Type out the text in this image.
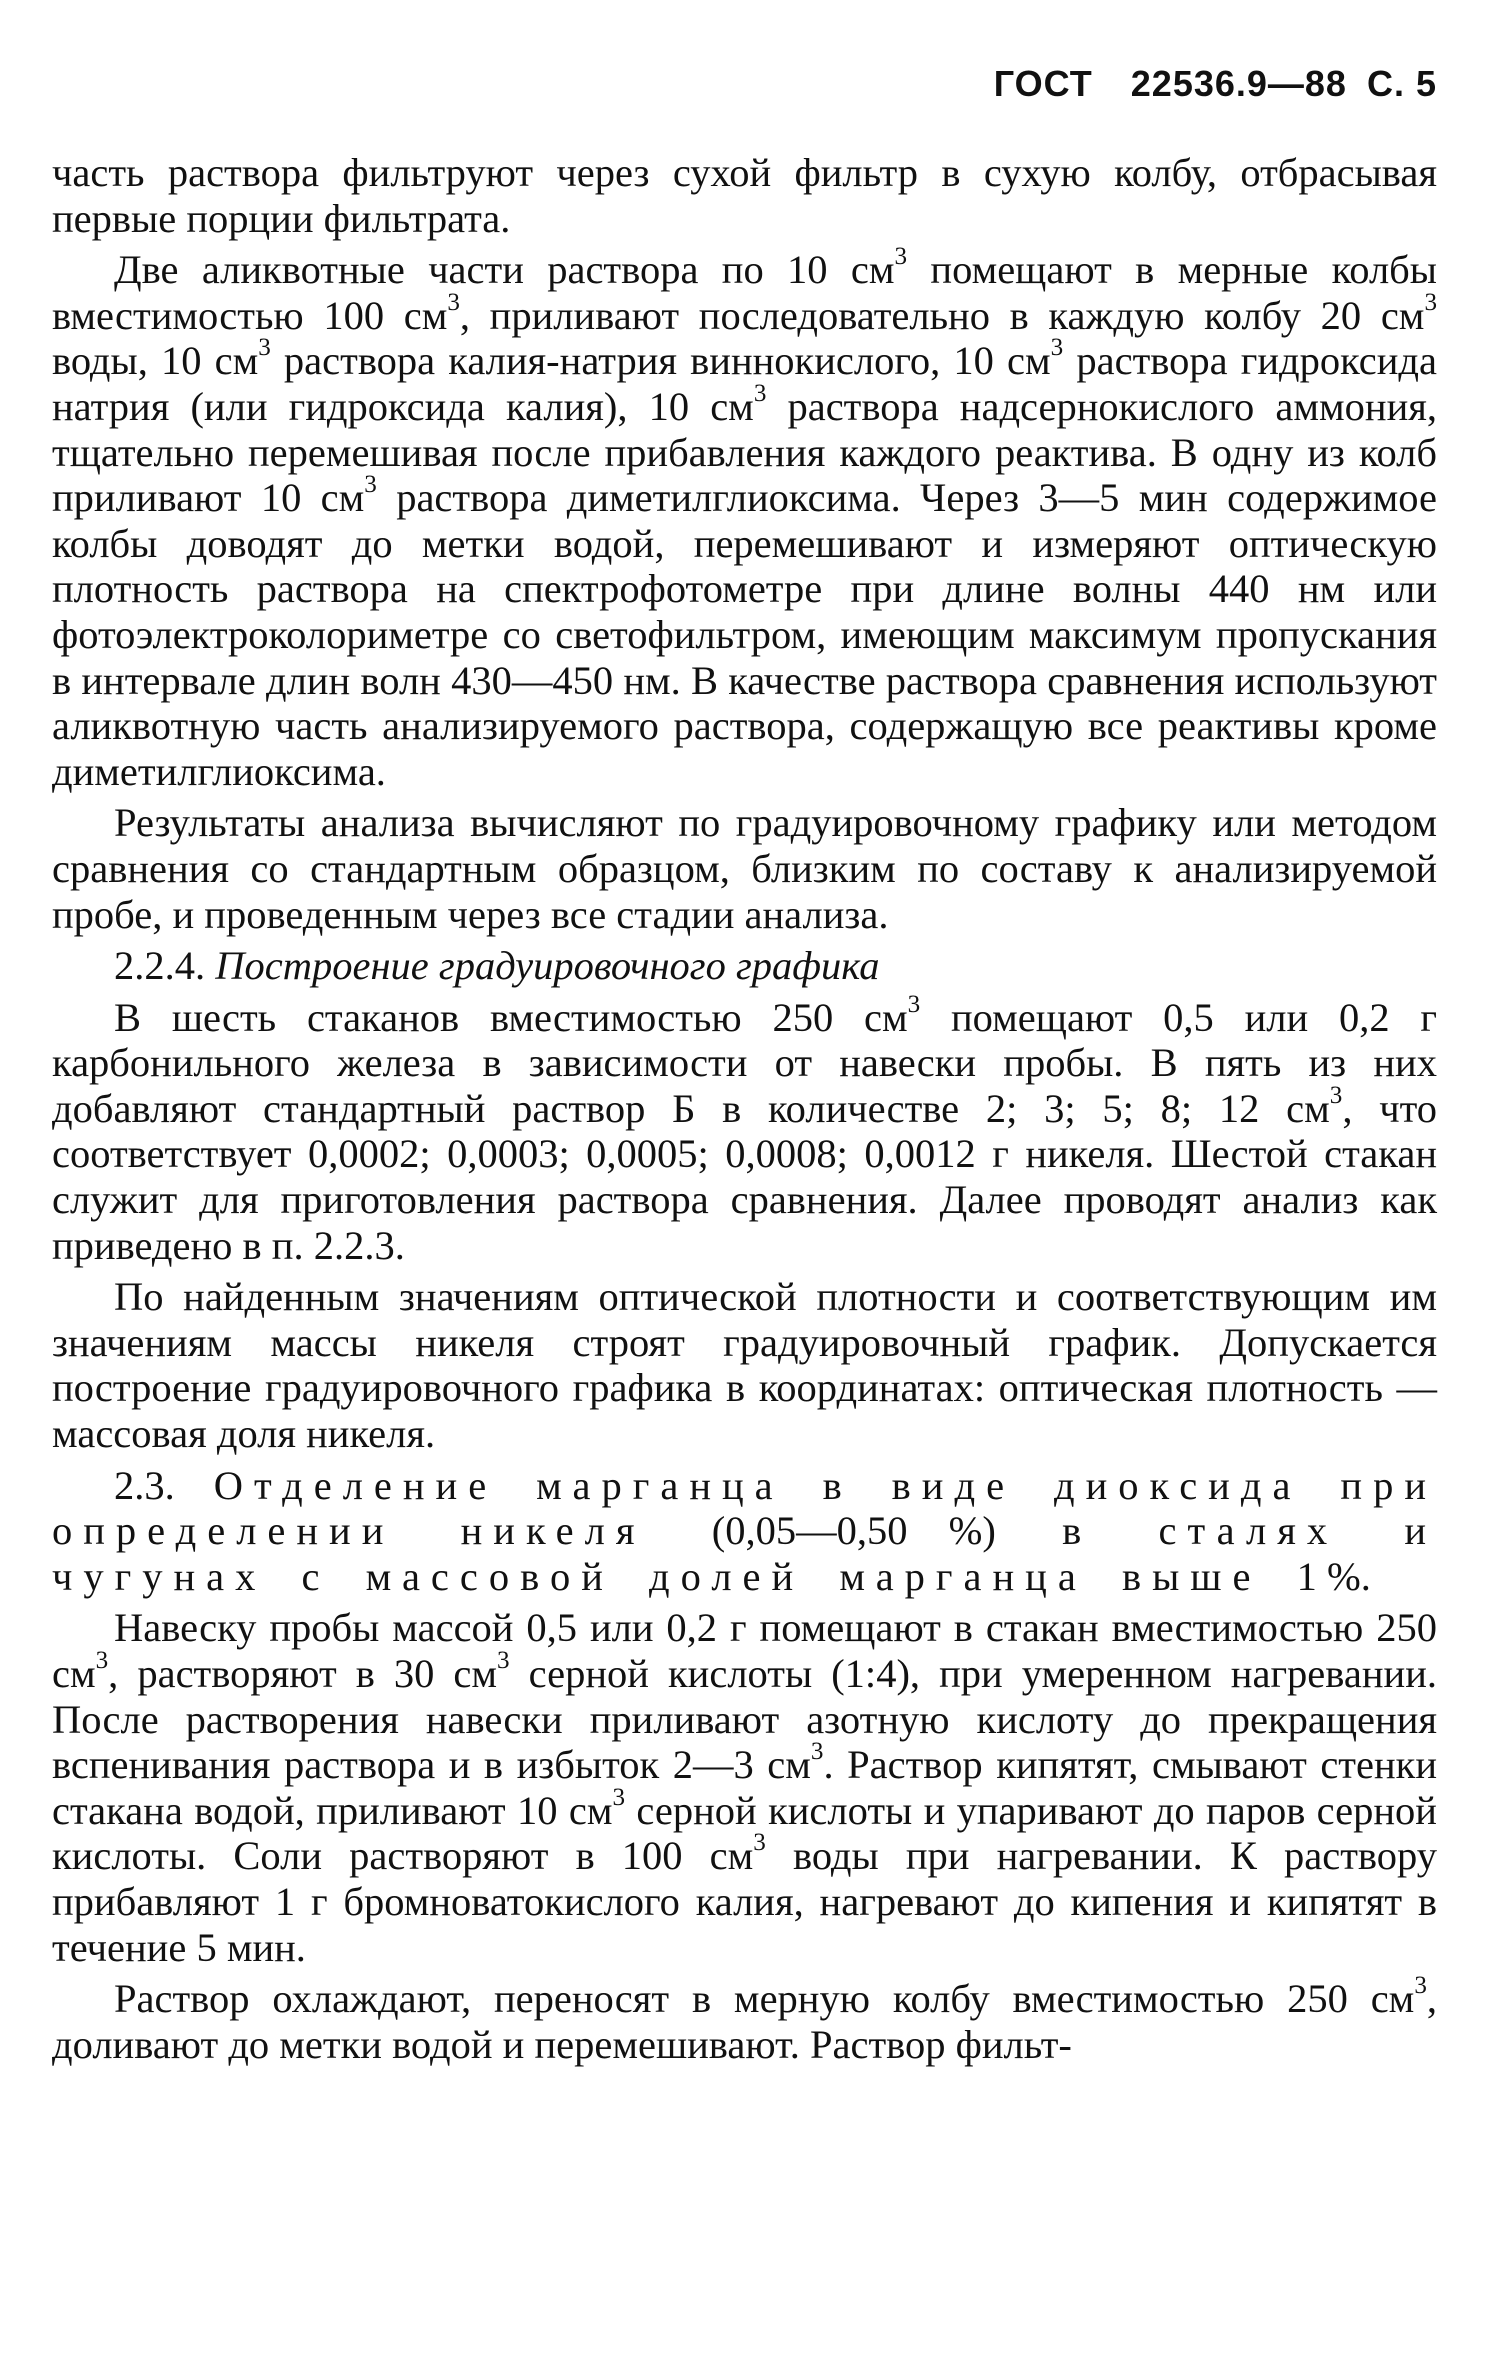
ГОСТ 22536.9—88 С. 5

часть раствора фильтруют через сухой фильтр в сухую колбу, отбрасывая первые порции фильтрата.

Две аликвотные части раствора по 10 $см^3$ помещают в мерные колбы вместимостью 100 $см^3$, приливают последовательно в каждую колбу 20 $см^3$ воды, 10 $см^3$ раствора калия-натрия виннокислого, 10 $см^3$ раствора гидроксида натрия (или гидроксида калия), 10 $см^3$ раствора надсернокислого аммония, тщательно перемешивая после прибавления каждого реактива. В одну из колб приливают 10 $см^3$ раствора диметилглиоксима. Через 3—5 мин содержимое колбы доводят до метки водой, перемешивают и измеряют оптическую плотность раствора на спектрофотометре при длине волны 440 нм или фотоэлектроколориметре со светофильтром, имеющим максимум пропускания в интервале длин волн 430—450 нм. В качестве раствора сравнения используют аликвотную часть анализируемого раствора, содержащую все реактивы кроме диметилглиоксима.

Результаты анализа вычисляют по градуировочному графику или методом сравнения со стандартным образцом, близким по составу к анализируемой пробе, и проведенным через все стадии анализа.

2.2.4. Построение градуировочного графика

В шесть стаканов вместимостью 250 $см^3$ помещают 0,5 или 0,2 г карбонильного железа в зависимости от навески пробы. В пять из них добавляют стандартный раствор Б в количестве 2; 3; 5; 8; 12 $см^3$, что соответствует 0,0002; 0,0003; 0,0005; 0,0008; 0,0012 г никеля. Шестой стакан служит для приготовления раствора сравнения. Далее проводят анализ как приведено в п. 2.2.3.

По найденным значениям оптической плотности и соответствующим им значениям массы никеля строят градуировочный график. Допускается построение градуировочного графика в координатах: оптическая плотность — массовая доля никеля.

2.3. Отделение марганца в виде диоксида при определении никеля (0,05—0,50 %) в сталях и чугунах с массовой долей марганца выше 1 %.

Навеску пробы массой 0,5 или 0,2 г помещают в стакан вместимостью 250 $см^3$, растворяют в 30 $см^3$ серной кислоты (1:4), при умеренном нагревании. После растворения навески приливают азотную кислоту до прекращения вспенивания раствора и в избыток 2—3 $см^3$. Раствор кипятят, смывают стенки стакана водой, приливают 10 $см^3$ серной кислоты и упаривают до паров серной кислоты. Соли растворяют в 100 $см^3$ воды при нагревании. К раствору прибавляют 1 г бромноватокислого калия, нагревают до кипения и кипятят в течение 5 мин.

Раствор охлаждают, переносят в мерную колбу вместимостью 250 $см^3$, доливают до метки водой и перемешивают. Раствор фильт-
